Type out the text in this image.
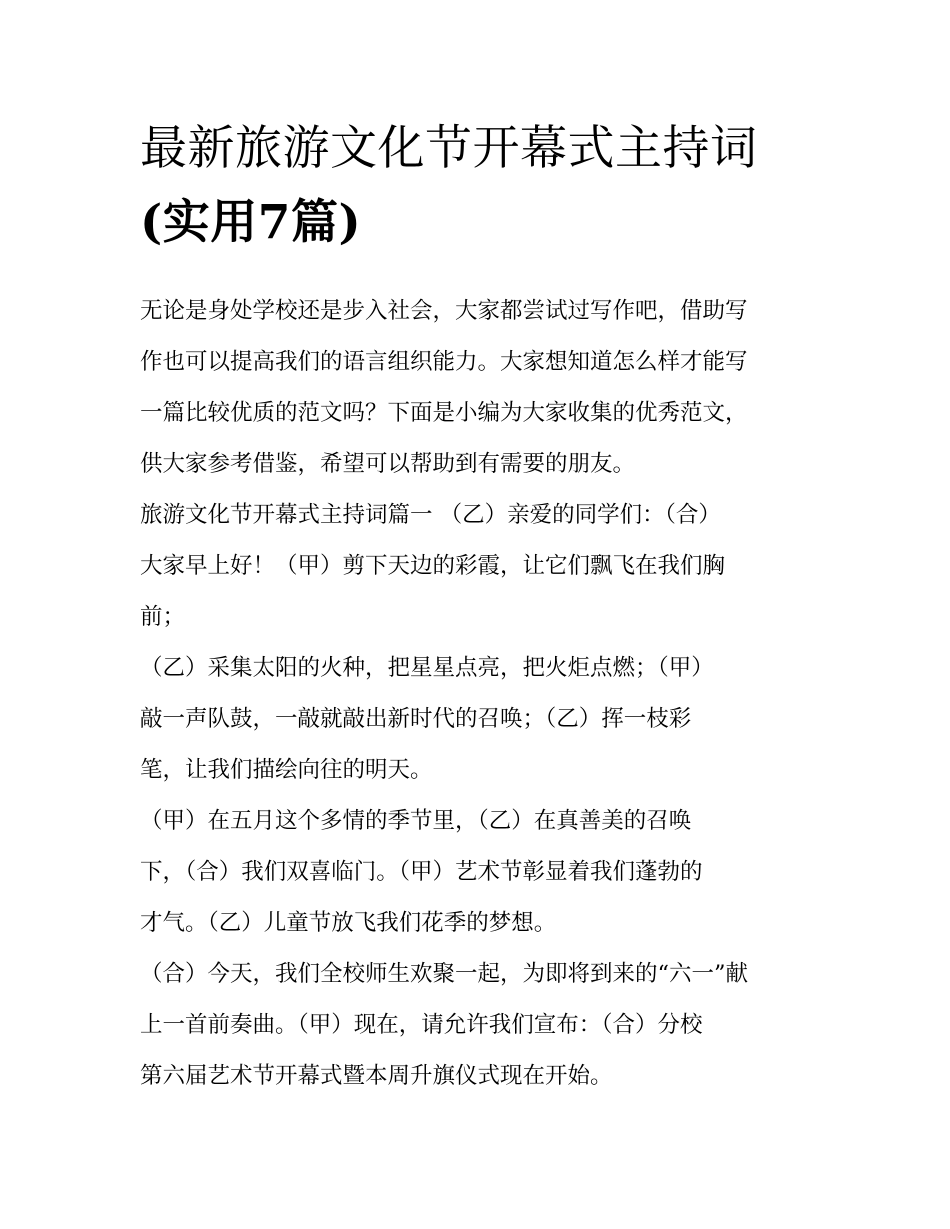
最新旅游文化节开幕式主持词
(实用7篇)

无论是身处学校还是步入社会，大家都尝试过写作吧，借助写
作也可以提高我们的语言组织能力。大家想知道怎么样才能写
一篇比较优质的范文吗？下面是小编为大家收集的优秀范文，
供大家参考借鉴，希望可以帮助到有需要的朋友。

旅游文化节开幕式主持词篇一 （乙）亲爱的同学们：（合）
大家早上好！（甲）剪下天边的彩霞，让它们飘飞在我们胸
前；

（乙）采集太阳的火种，把星星点亮，把火炬点燃；（甲）
敲一声队鼓，一敲就敲出新时代的召唤；（乙）挥一枝彩
笔，让我们描绘向往的明天。

（甲）在五月这个多情的季节里，（乙）在真善美的召唤
下，（合）我们双喜临门。（甲）艺术节彰显着我们蓬勃的
才气。（乙）儿童节放飞我们花季的梦想。

（合）今天，我们全校师生欢聚一起，为即将到来的“六一”献
上一首前奏曲。（甲）现在，请允许我们宣布：（合）分校
第六届艺术节开幕式暨本周升旗仪式现在开始。
